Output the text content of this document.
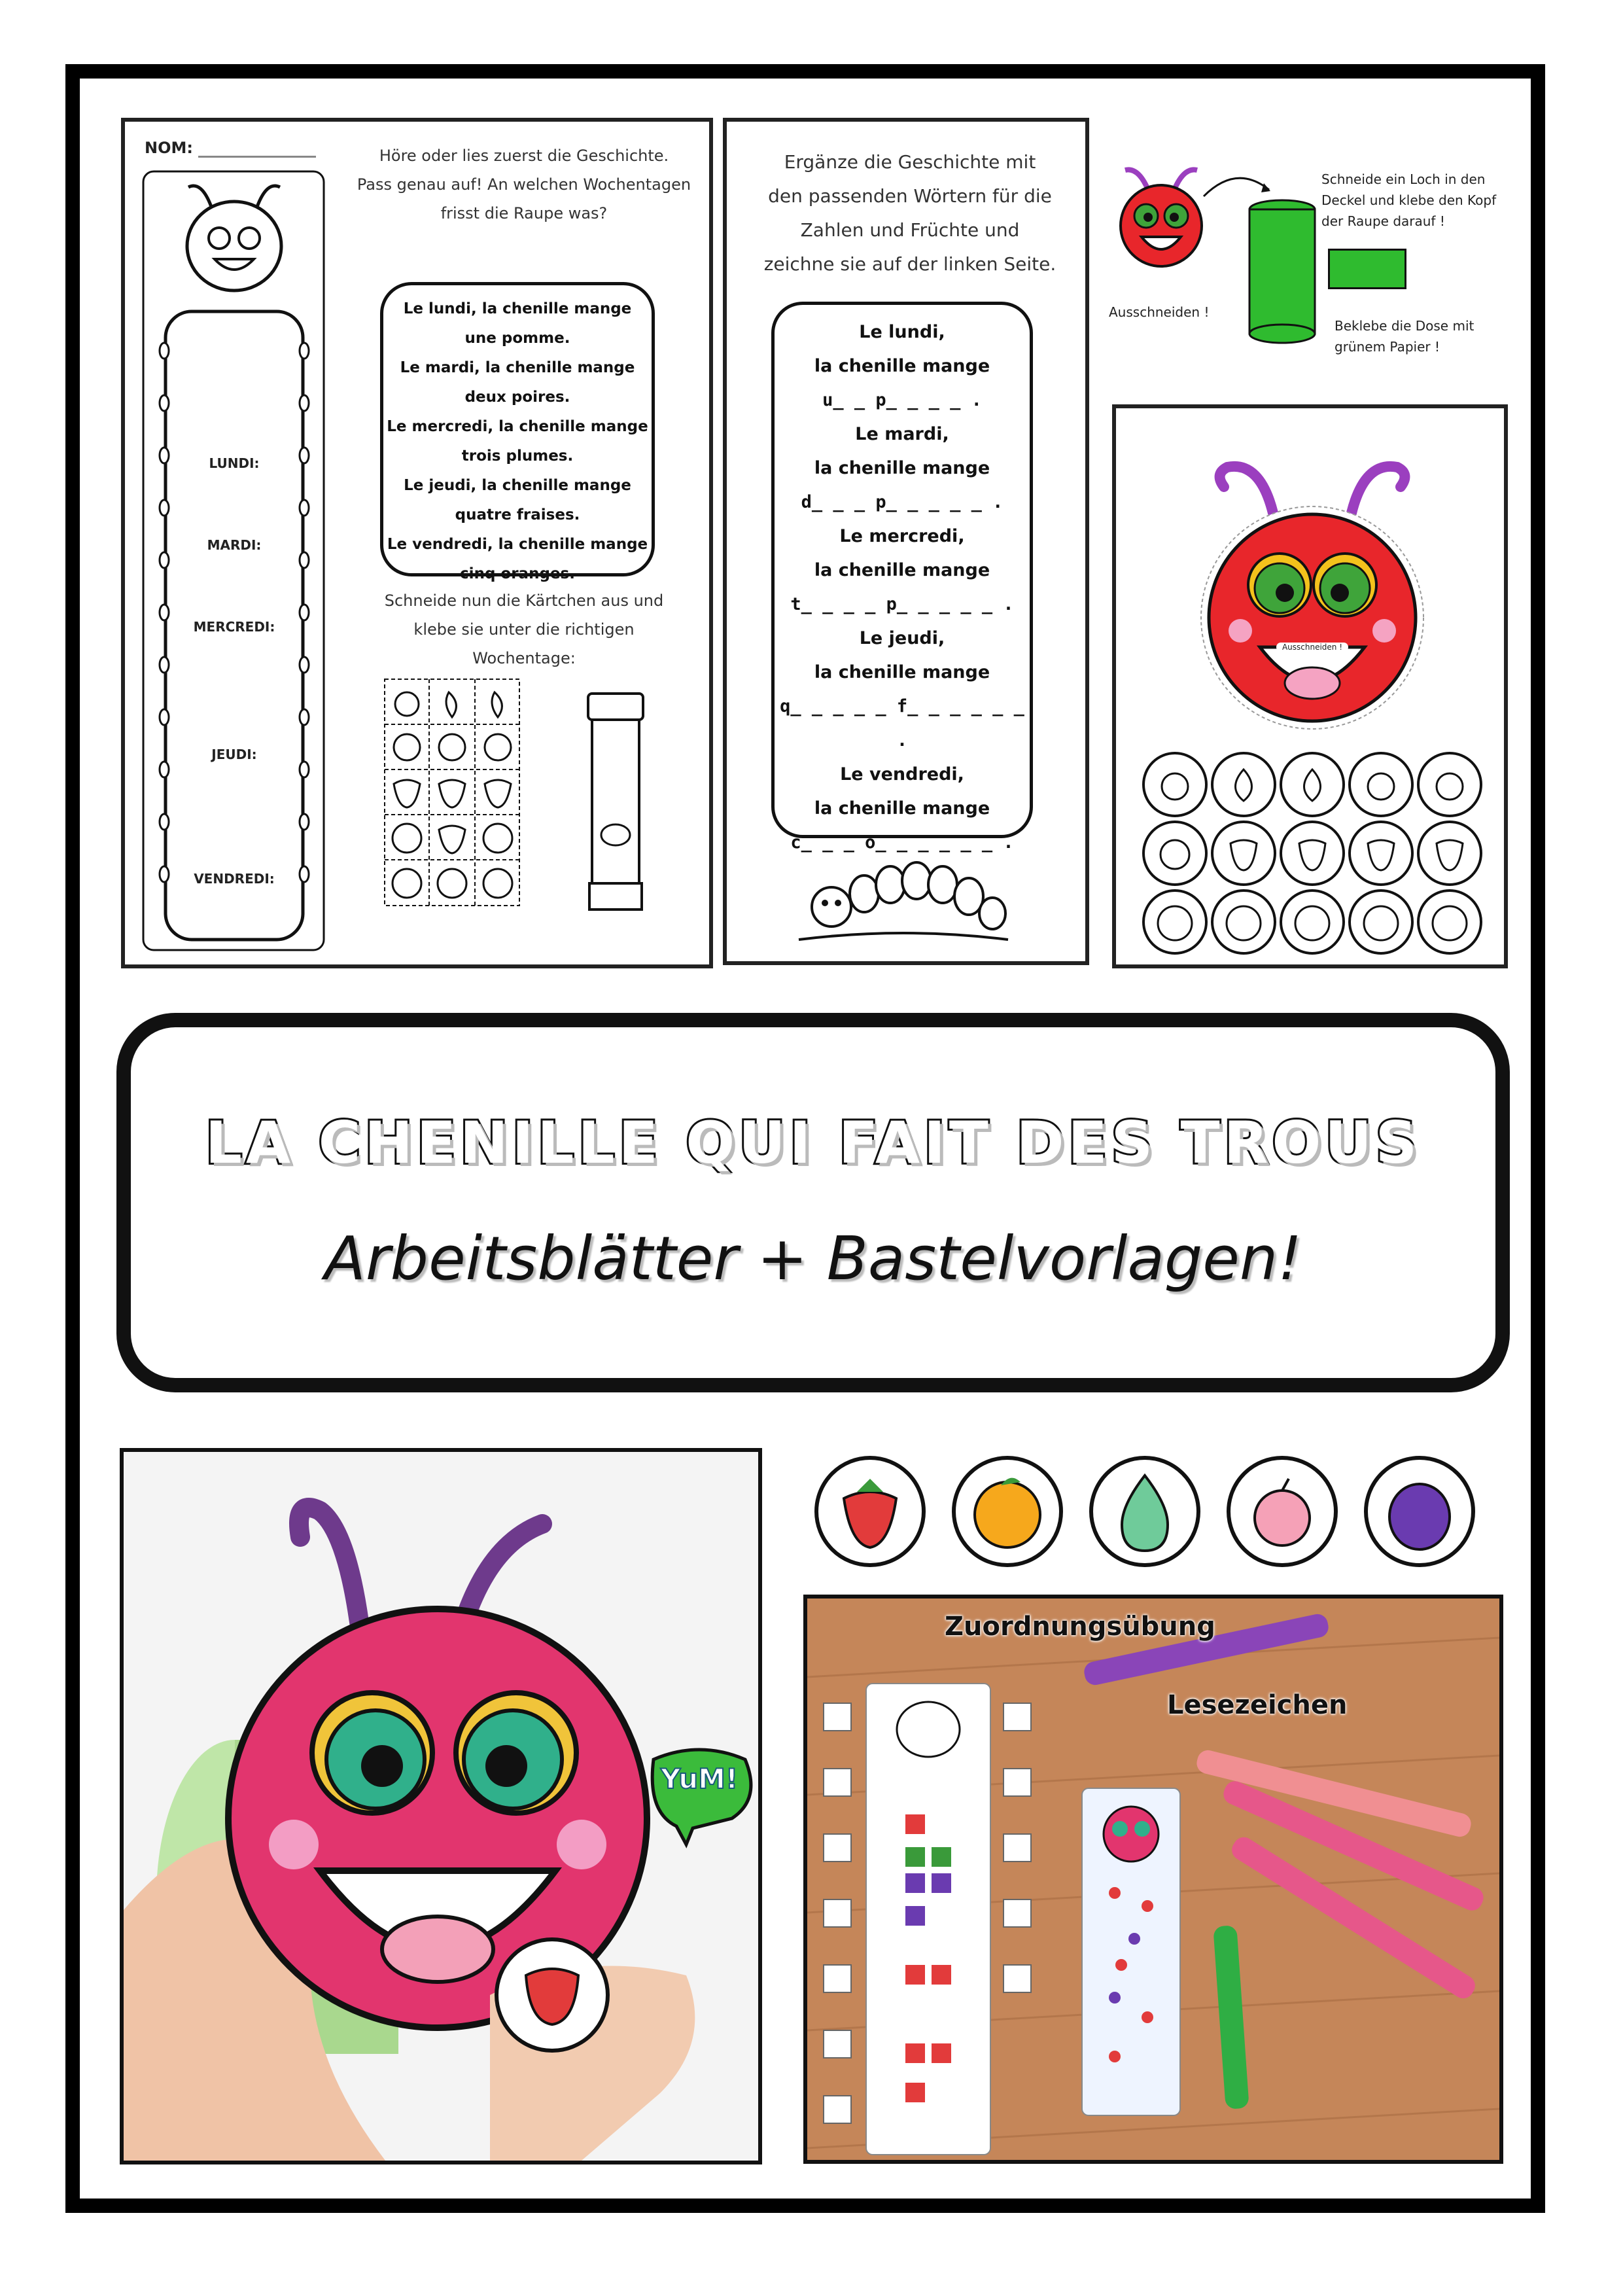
NOM:
LUNDI:
MARDI:
MERCREDI:
JEUDI:
VENDREDI:
Höre oder lies zuerst die Geschichte.
Pass genau auf! An welchen Wochentagen
frisst die Raupe was?
Le lundi, la chenille mange
une pomme.
Le mardi, la chenille mange
deux poires.
Le mercredi, la chenille mange
trois plumes.
Le jeudi, la chenille mange
quatre fraises.
Le vendredi, la chenille mange
cinq oranges.
Schneide nun die Kärtchen aus und
klebe sie unter die richtigen
Wochentage:
Ergänze die Geschichte mit
den passenden Wörtern für die
Zahlen und Früchte und
zeichne sie auf der linken Seite.
Le lundi,
la chenille mange
u_ _ p_ _ _ _ .
Le mardi,
la chenille mange
d_ _ _ p_ _ _ _ _ .
Le mercredi,
la chenille mange
t_ _ _ _ p_ _ _ _ _ .
Le jeudi,
la chenille mange
q_ _ _ _ _ f_ _ _ _ _ _ .
Le vendredi,
la chenille mange
c_ _ _ o_ _ _ _ _ _ .
Ausschneiden !
Schneide ein Loch in den
Deckel und klebe den Kopf
der Raupe darauf !
Beklebe die Dose mit
grünem Papier !
Ausschneiden !
LA CHENILLE QUI FAIT DES TROUS
Arbeitsblätter + Bastelvorlagen!
YuM!
Zuordnungsübung
Lesezeichen
